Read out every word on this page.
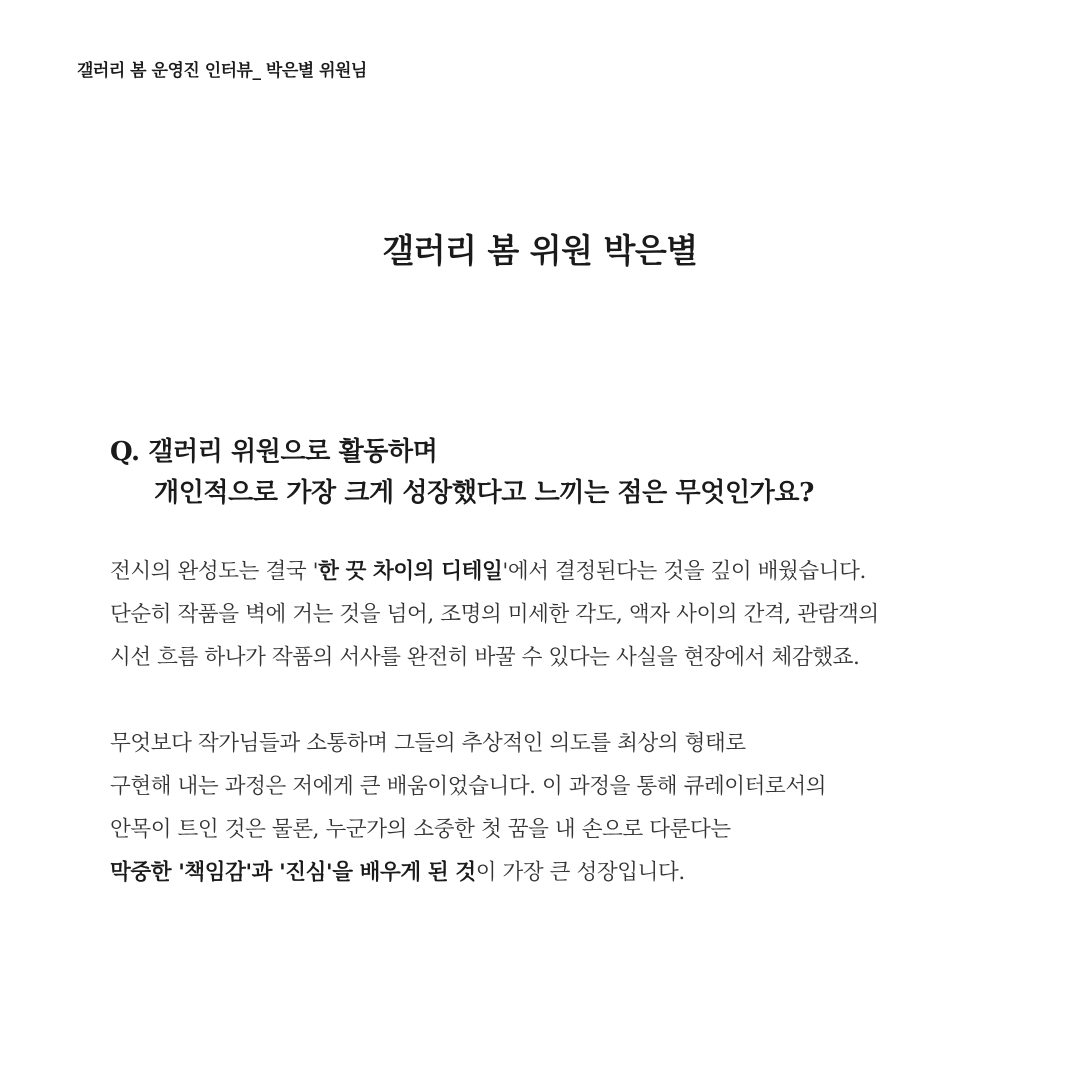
갤러리 봄 운영진 인터뷰_ 박은별 위원님
갤러리 봄 위원 박은별
Q. 갤러리 위원으로 활동하며
개인적으로 가장 크게 성장했다고 느끼는 점은 무엇인가요?
전시의 완성도는 결국 '한 끗 차이의 디테일'에서 결정된다는 것을 깊이 배웠습니다.
단순히 작품을 벽에 거는 것을 넘어, 조명의 미세한 각도, 액자 사이의 간격, 관람객의
시선 흐름 하나가 작품의 서사를 완전히 바꿀 수 있다는 사실을 현장에서 체감했죠.
무엇보다 작가님들과 소통하며 그들의 추상적인 의도를 최상의 형태로
구현해 내는 과정은 저에게 큰 배움이었습니다. 이 과정을 통해 큐레이터로서의
안목이 트인 것은 물론, 누군가의 소중한 첫 꿈을 내 손으로 다룬다는
막중한 '책임감'과 '진심'을 배우게 된 것이 가장 큰 성장입니다.
